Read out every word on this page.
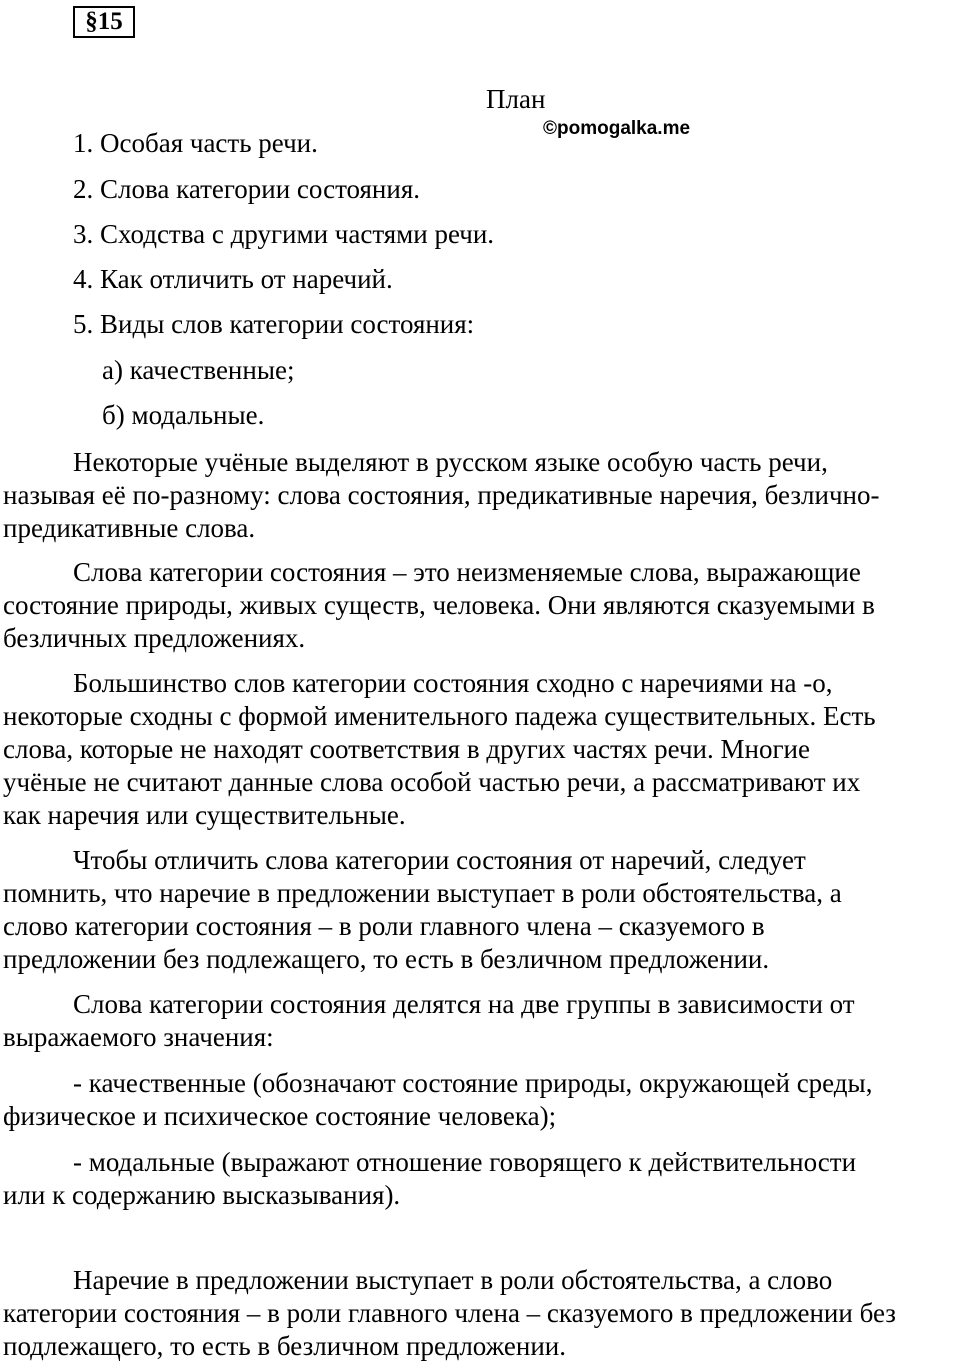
§15
План
©pomogalka.me
1. Особая часть речи.
2. Слова категории состояния.
3. Сходства с другими частями речи.
4. Как отличить от наречий.
5. Виды слов категории состояния:
а) качественные;
б) модальные.
Некоторые учёные выделяют в русском языке особую часть речи,
называя её по-разному: слова состояния, предикативные наречия, безлично-
предикативные слова.
Слова категории состояния – это неизменяемые слова, выражающие
состояние природы, живых существ, человека. Они являются сказуемыми в
безличных предложениях.
Большинство слов категории состояния сходно с наречиями на -о,
некоторые сходны с формой именительного падежа существительных. Есть
слова, которые не находят соответствия в других частях речи. Многие
учёные не считают данные слова особой частью речи, а рассматривают их
как наречия или существительные.
Чтобы отличить слова категории состояния от наречий, следует
помнить, что наречие в предложении выступает в роли обстоятельства, а
слово категории состояния – в роли главного члена – сказуемого в
предложении без подлежащего, то есть в безличном предложении.
Слова категории состояния делятся на две группы в зависимости от
выражаемого значения:
- качественные (обозначают состояние природы, окружающей среды,
физическое и психическое состояние человека);
- модальные (выражают отношение говорящего к действительности
или к содержанию высказывания).
Наречие в предложении выступает в роли обстоятельства, а слово
категории состояния – в роли главного члена – сказуемого в предложении без
подлежащего, то есть в безличном предложении.
